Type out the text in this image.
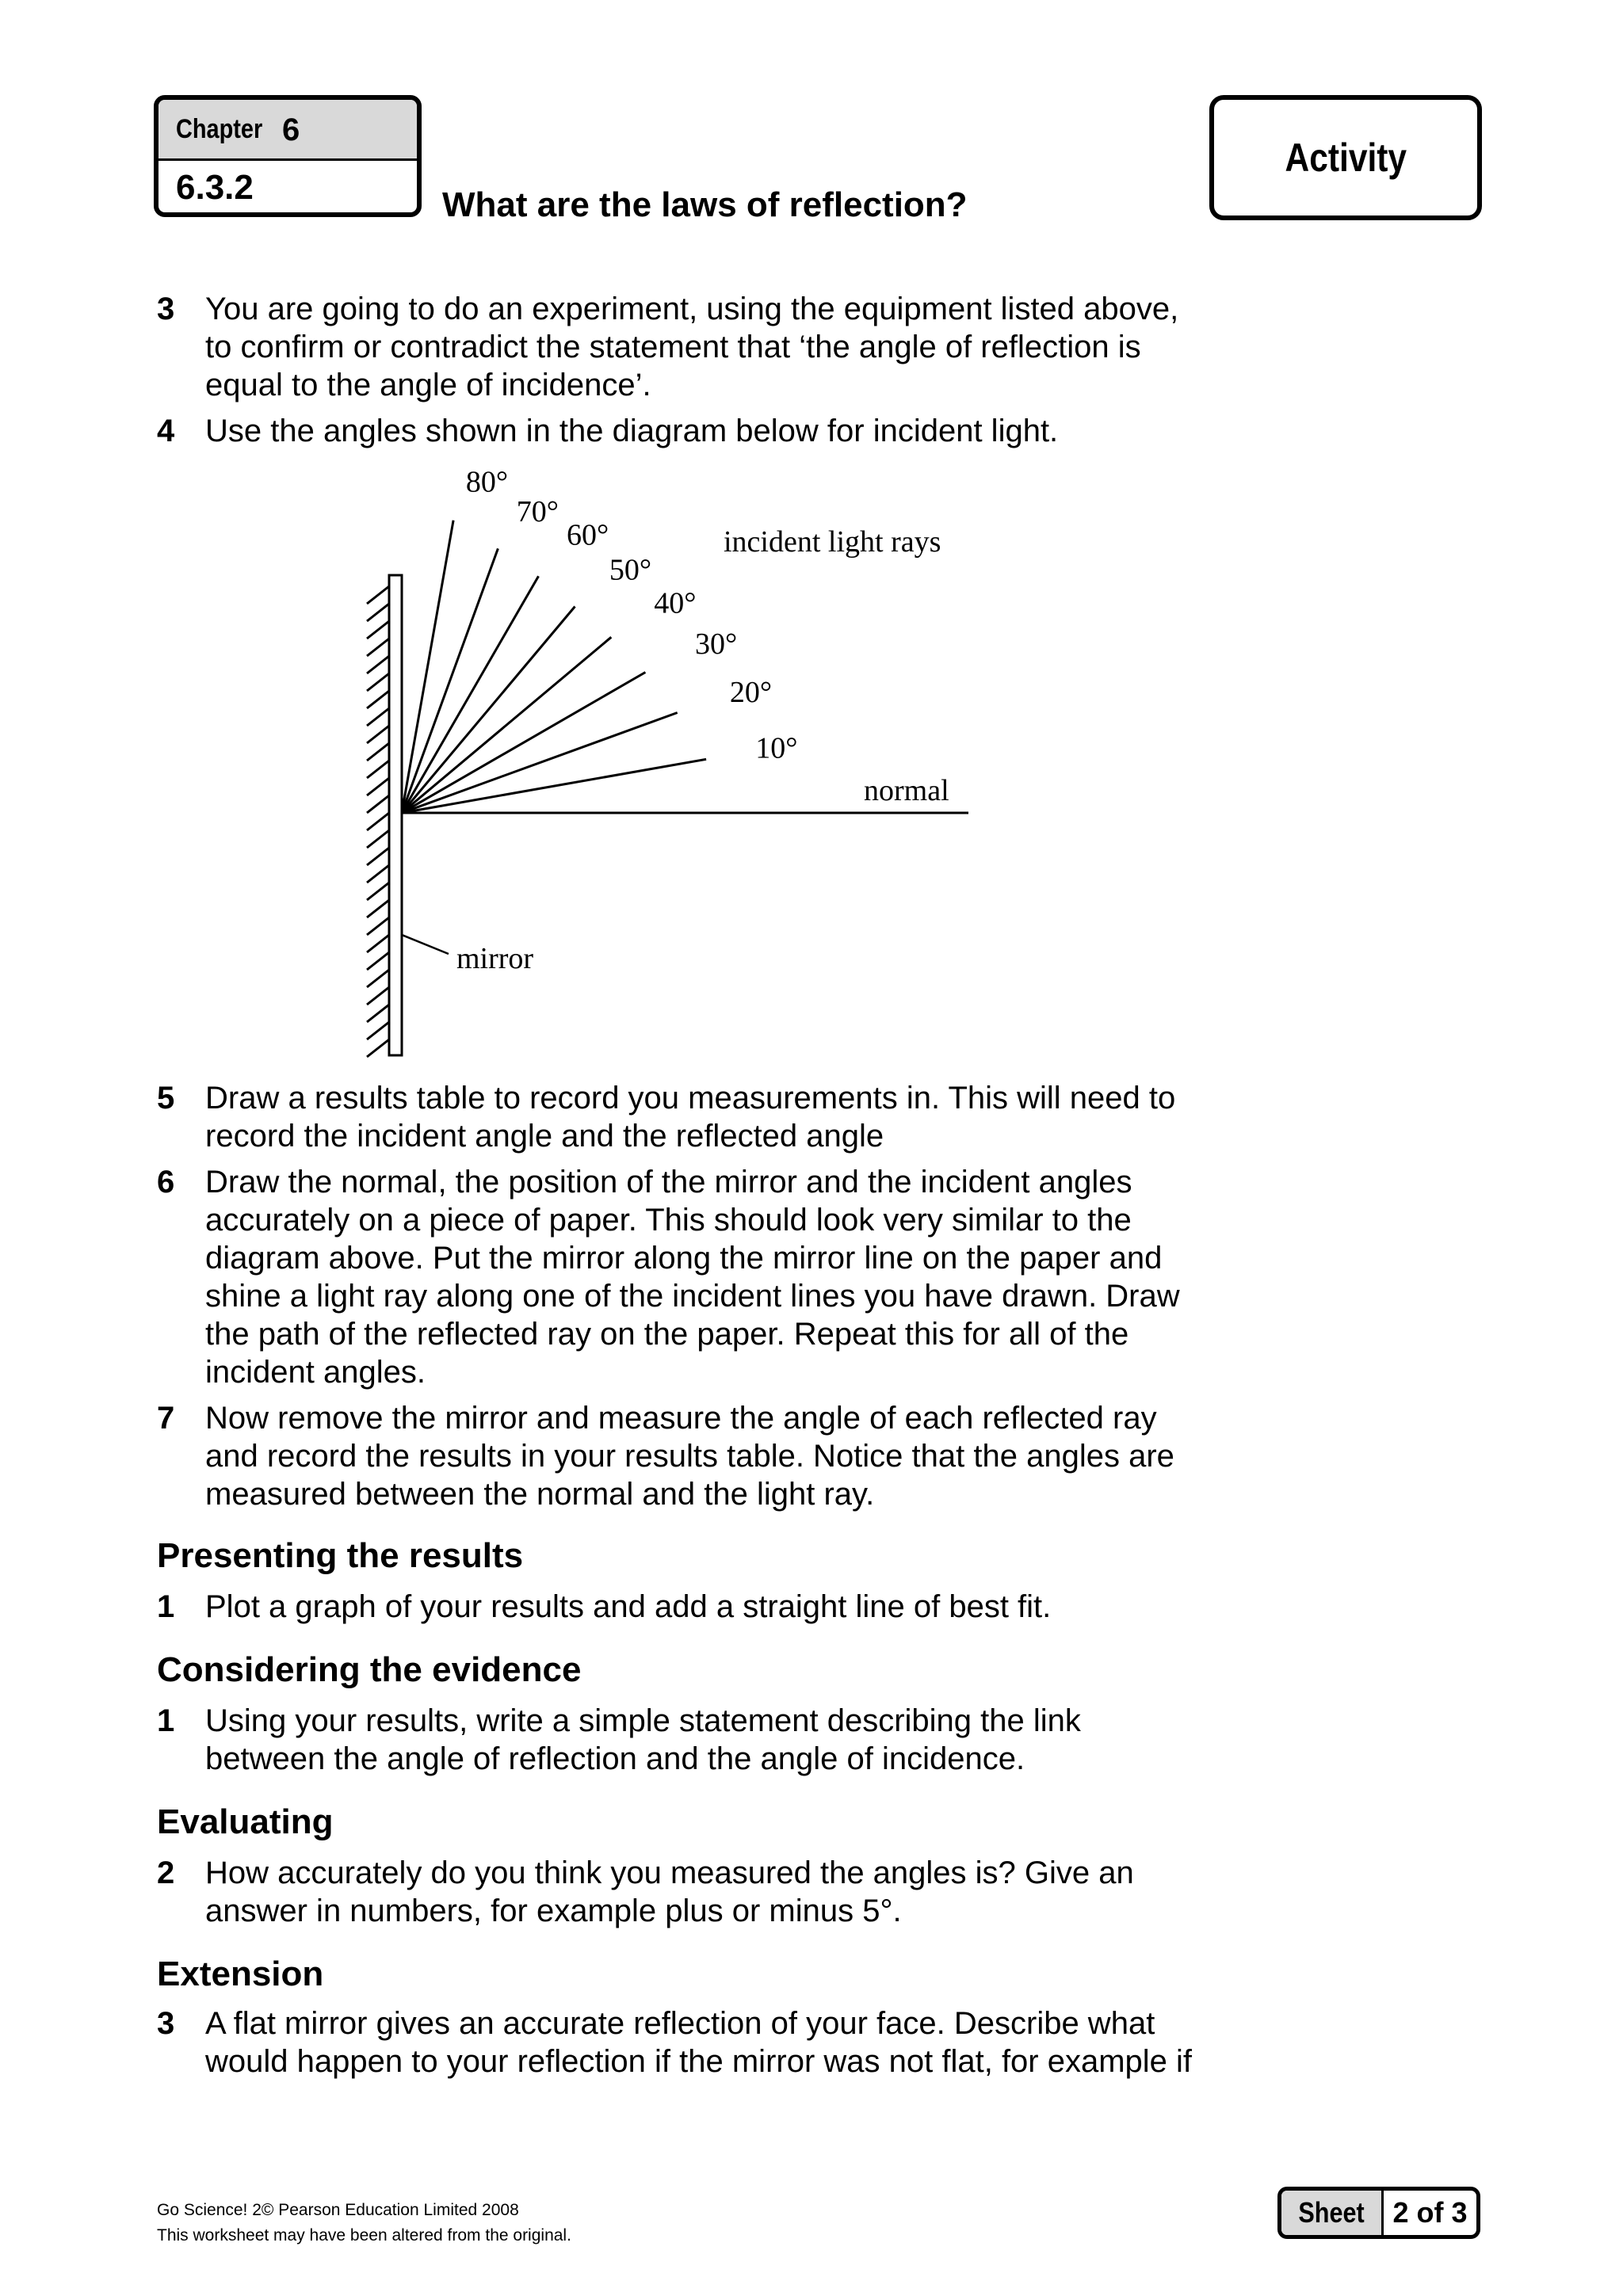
Chapter 6
6.3.2	What are the laws of reflection?
Activity
3 You are going to do an experiment, using the equipment listed above,
to confirm or contradict the statement that ‘the angle of reflection is
equal to the angle of incidence’.
4 Use the angles shown in the diagram below for incident light.
10°
20°
30°
40°
50°
60°
70°
80°
incident light rays
normal
mirror
5 Draw a results table to record you measurements in. This will need to
record the incident angle and the reflected angle
6 Draw the normal, the position of the mirror and the incident angles
accurately on a piece of paper. This should look very similar to the
diagram above. Put the mirror along the mirror line on the paper and
shine a light ray along one of the incident lines you have drawn. Draw
the path of the reflected ray on the paper. Repeat this for all of the
incident angles.
7 Now remove the mirror and measure the angle of each reflected ray
and record the results in your results table. Notice that the angles are
measured between the normal and the light ray.
Presenting the results
1 Plot a graph of your results and add a straight line of best fit.
Considering the evidence
1 Using your results, write a simple statement describing the link
between the angle of reflection and the angle of incidence.
Evaluating
2 How accurately do you think you measured the angles is? Give an
answer in numbers, for example plus or minus 5°.
Extension
3 A flat mirror gives an accurate reflection of your face. Describe what
would happen to your reflection if the mirror was not flat, for example if
Go Science! 2© Pearson Education Limited 2008
This worksheet may have been altered from the original.
Sheet 2 of 3
